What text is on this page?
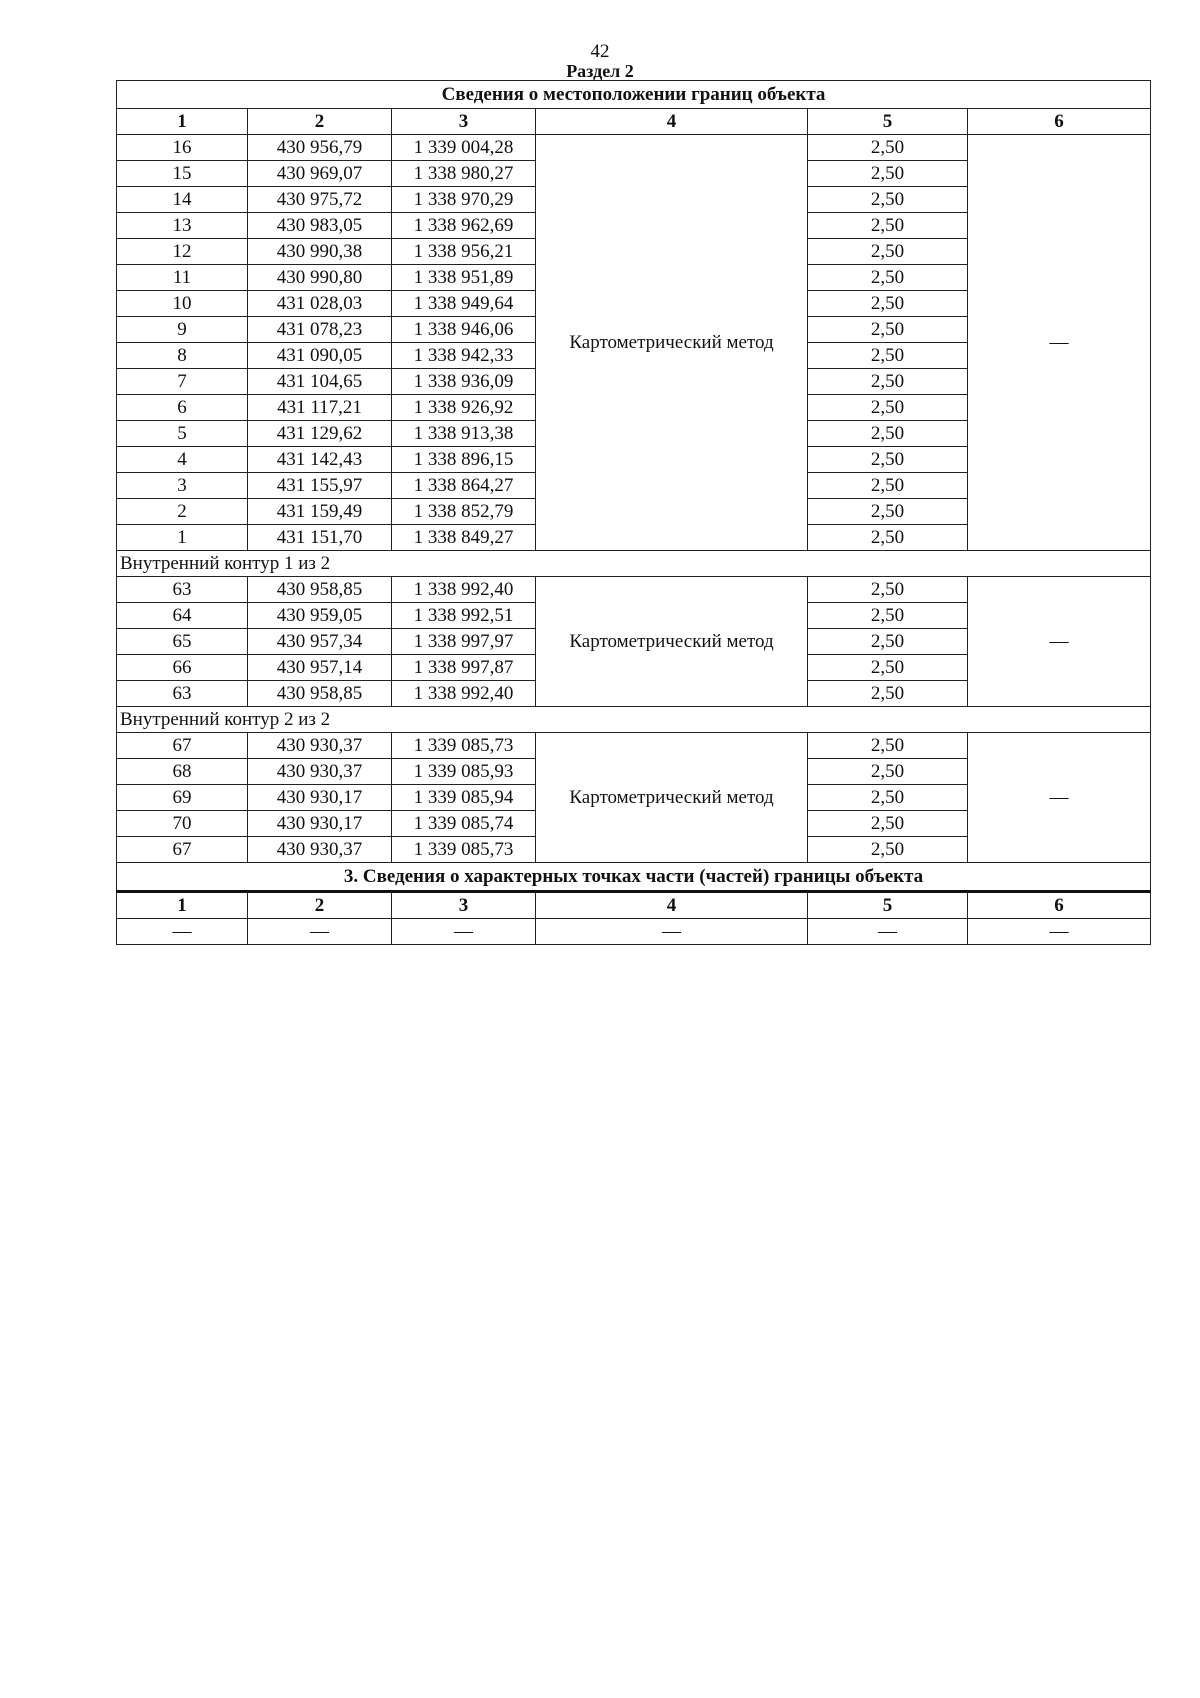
42
Раздел 2
Сведения о местоположении границ объекта					
1	2	3	4	5	6
16	430 956,79	1 339 004,28	Картометрический метод	2,50	—
15	430 969,07	1 338 980,27		2,50	
14	430 975,72	1 338 970,29		2,50	
13	430 983,05	1 338 962,69		2,50	
12	430 990,38	1 338 956,21		2,50	
11	430 990,80	1 338 951,89		2,50	
10	431 028,03	1 338 949,64		2,50	
9	431 078,23	1 338 946,06		2,50	
8	431 090,05	1 338 942,33		2,50	
7	431 104,65	1 338 936,09		2,50	
6	431 117,21	1 338 926,92		2,50	
5	431 129,62	1 338 913,38		2,50	
4	431 142,43	1 338 896,15		2,50	
3	431 155,97	1 338 864,27		2,50	
2	431 159,49	1 338 852,79		2,50	
1	431 151,70	1 338 849,27		2,50	
Внутренний контур 1 из 2					
63	430 958,85	1 338 992,40	Картометрический метод	2,50	—
64	430 959,05	1 338 992,51		2,50	
65	430 957,34	1 338 997,97		2,50	
66	430 957,14	1 338 997,87		2,50	
63	430 958,85	1 338 992,40		2,50	
Внутренний контур 2 из 2					
67	430 930,37	1 339 085,73	Картометрический метод	2,50	—
68	430 930,37	1 339 085,93		2,50	
69	430 930,17	1 339 085,94		2,50	
70	430 930,17	1 339 085,74		2,50	
67	430 930,37	1 339 085,73		2,50	
3. Сведения о характерных точках части (частей) границы объекта					
1	2	3	4	5	6
—	—	—	—	—	—
